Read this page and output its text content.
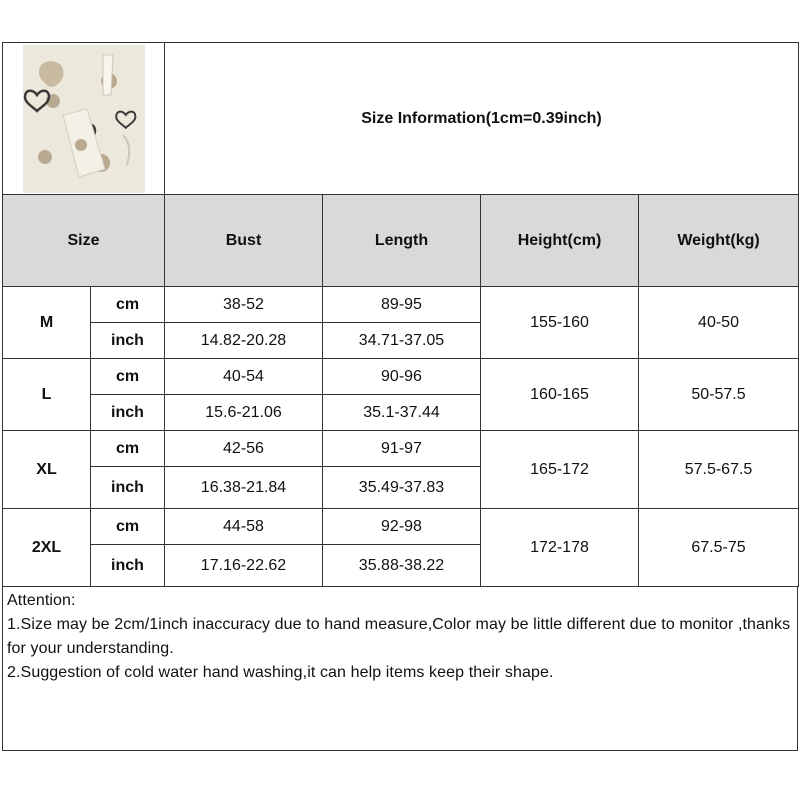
	Size Information(1cm=0.39inch)			
Size		Bust	Length	Height(cm)	Weight(kg)
M	cm	38-52	89-95	155-160	40-50
	inch	14.82-20.28	34.71-37.05		
L	cm	40-54	90-96	160-165	50-57.5
	inch	15.6-21.06	35.1-37.44		
XL	cm	42-56	91-97	165-172	57.5-67.5
	inch	16.38-21.84	35.49-37.83		
2XL	cm	44-58	92-98	172-178	67.5-75
	inch	17.16-22.62	35.88-38.22		
Attention:
1.Size may be 2cm/1inch inaccuracy due to hand measure,Color may be little different due to monitor ,thanks for your understanding.
2.Suggestion of cold water hand washing,it can help items keep their shape.
